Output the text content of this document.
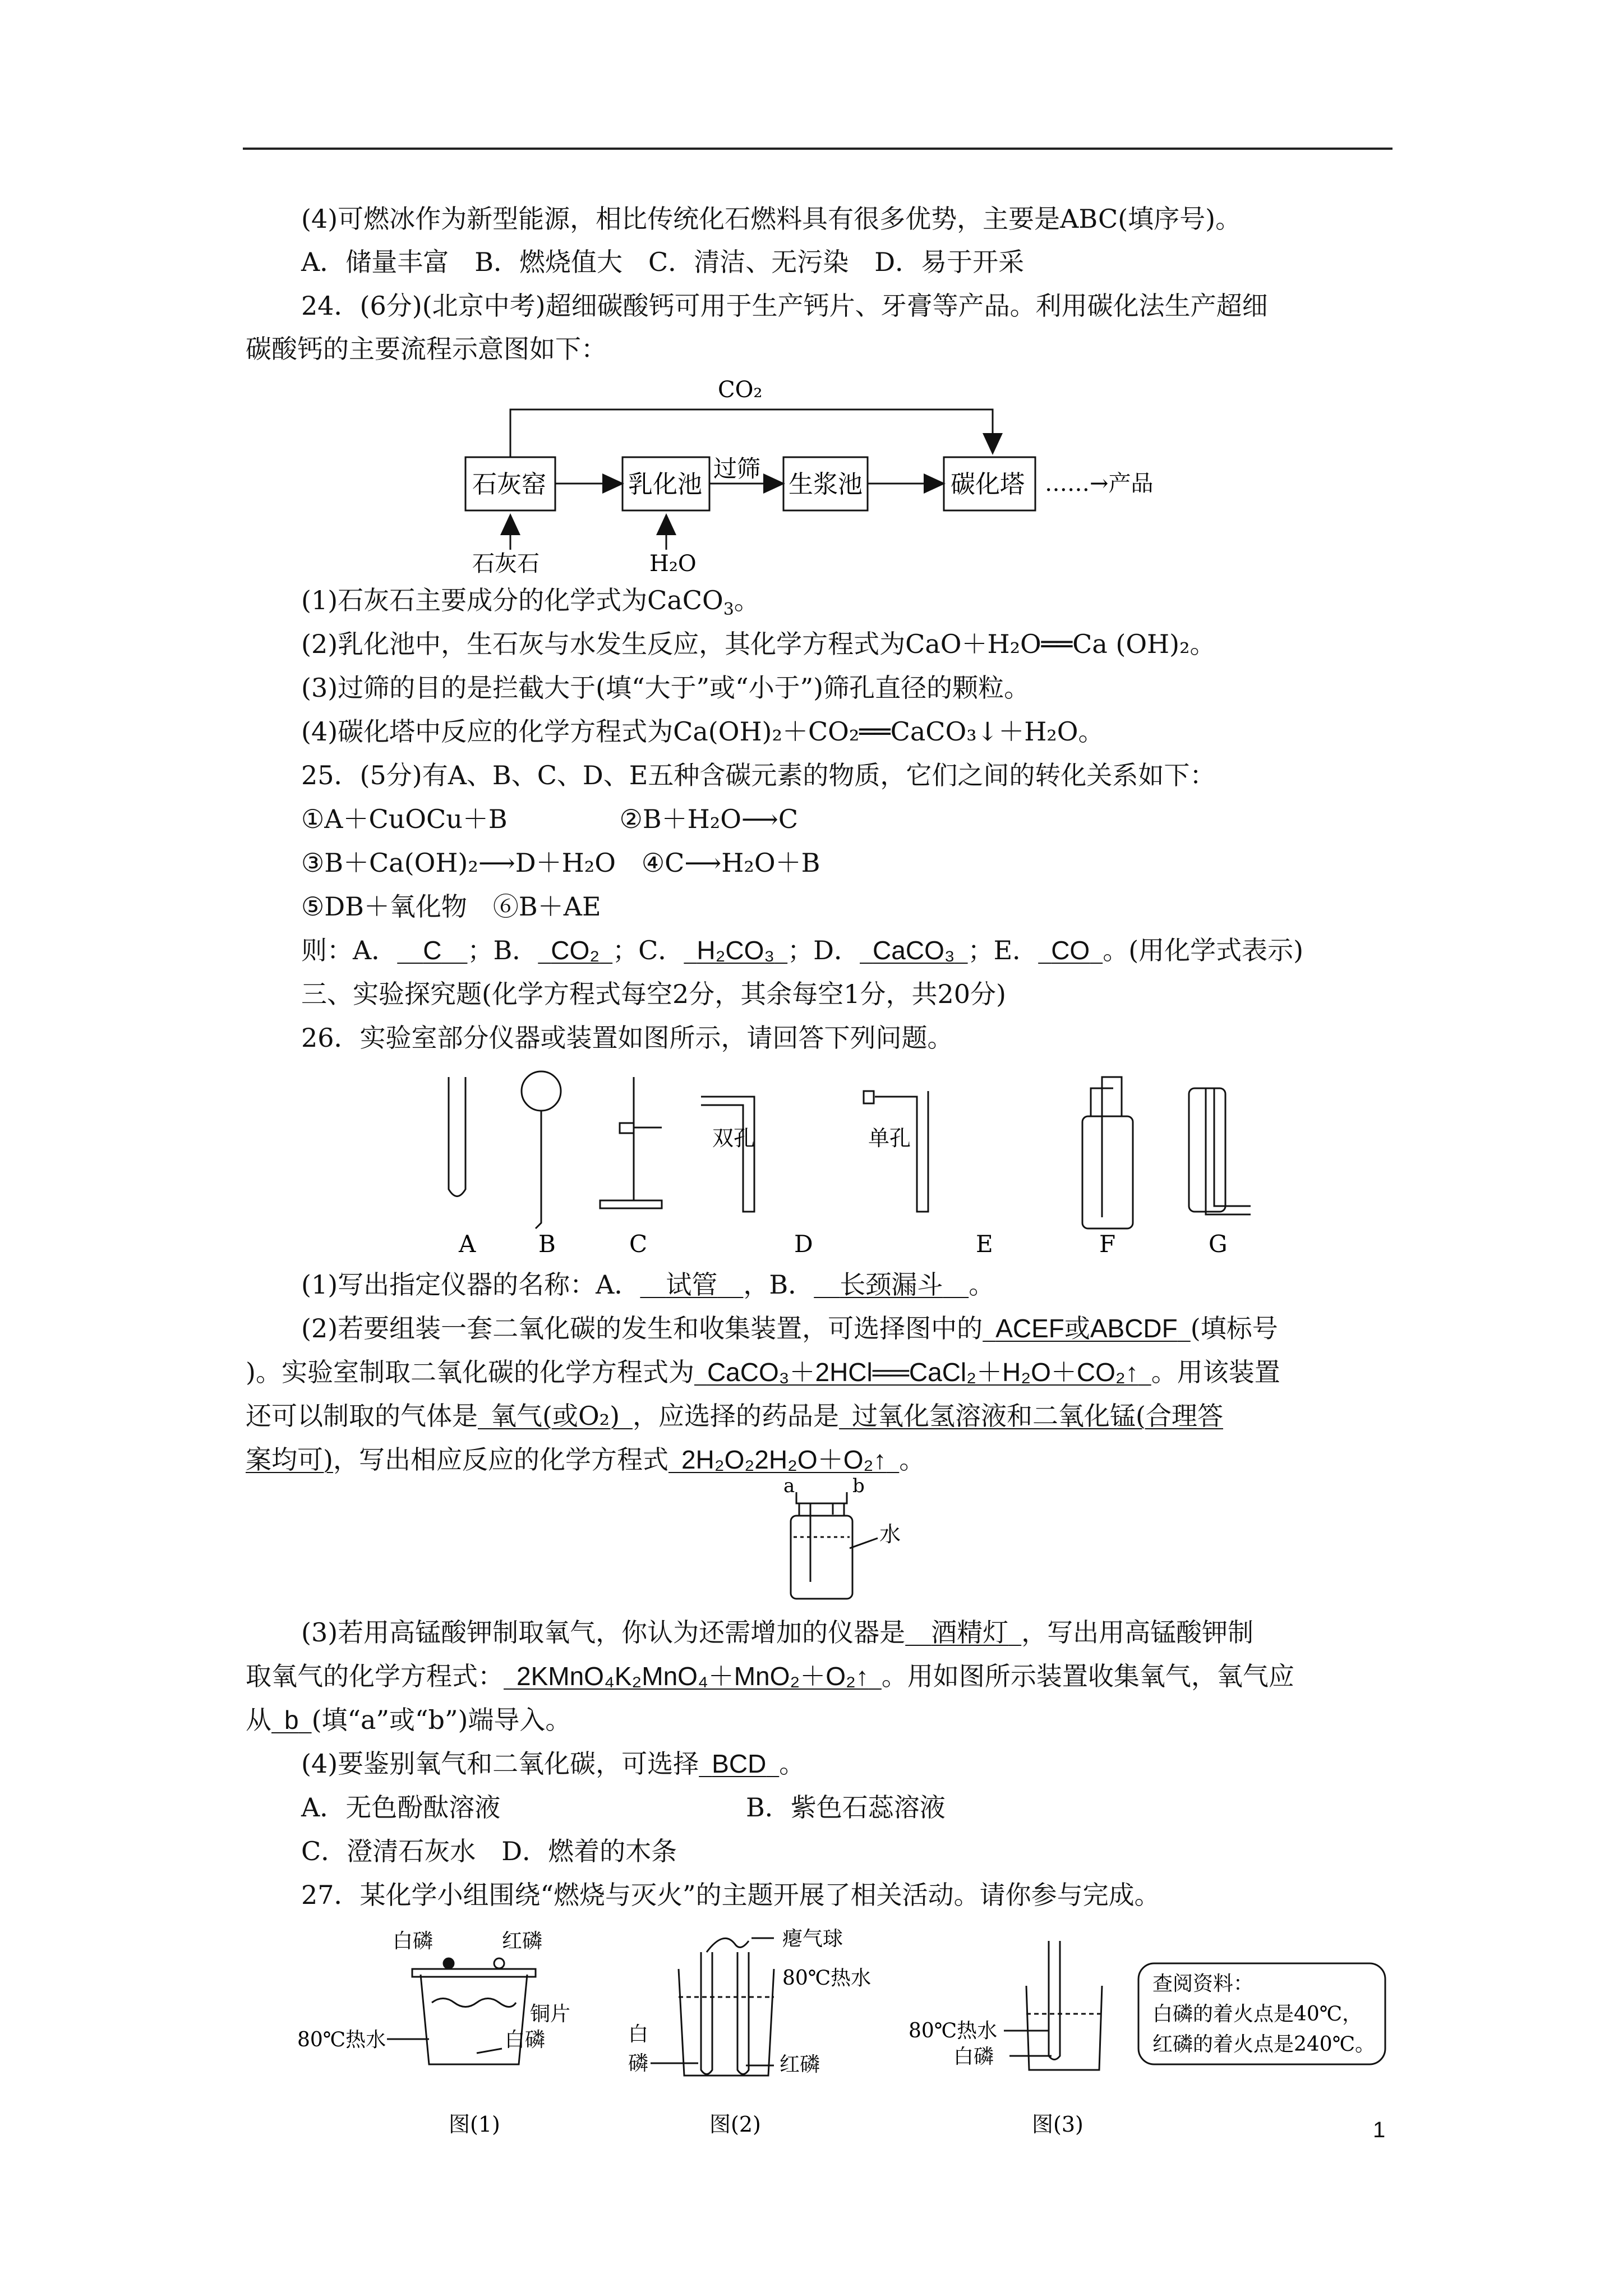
(4)可燃冰作为新型能源，相比传统化石燃料具有很多优势，主要是ABC(填序号)。
A．储量丰富　B．燃烧值大　C．清洁、无污染　D．易于开采
24．(6分)(北京中考)超细碳酸钙可用于生产钙片、牙膏等产品。利用碳化法生产超细
碳酸钙的主要流程示意图如下：
CO₂
石灰窑	乳化池
过筛
生浆池	碳化塔 ……→产品
石灰石	H₂O
(1)石灰石主要成分的化学式为CaCO$_3$。
(2)乳化池中，生石灰与水发生反应，其化学方程式为CaO＋H₂O══Ca (OH)₂。
(3)过筛的目的是拦截大于(填“大于”或“小于”)筛孔直径的颗粒。
(4)碳化塔中反应的化学方程式为Ca(OH)₂＋CO₂══CaCO₃↓＋H₂O。
25．(5分)有A、B、C、D、E五种含碳元素的物质，它们之间的转化关系如下：
①A＋CuOCu＋B	②B＋H₂O⟶C
③B＋Ca(OH)₂⟶D＋H₂O　④C⟶H₂O＋B
⑤DB＋氧化物　⑥B＋AE
则：A．  C  ；B．  CO₂  ；C．  H₂CO₃  ；D．  CaCO₃  ；E．  CO  。(用化学式表示)
三、实验探究题(化学方程式每空2分，其余每空1分，共20分)
26．实验室部分仪器或装置如图所示，请回答下列问题。
双孔	单孔
A	B	C	D	E	F	G
(1)写出指定仪器的名称：A．  试管  ，B．  长颈漏斗  。
(2)若要组装一套二氧化碳的发生和收集装置，可选择图中的  ACEF或ABCDF  (填标号
)。实验室制取二氧化碳的化学方程式为  CaCO₃＋2HCl══CaCl₂＋H₂O＋CO₂↑  。用该装置
还可以制取的气体是  氧气(或O₂)  ，应选择的药品是  过氧化氢溶液和二氧化锰(合理答
案均可)，写出相应反应的化学方程式  2H₂O₂2H₂O＋O₂↑  。
a	b
水
(3)若用高锰酸钾制取氧气，你认为还需增加的仪器是  酒精灯  ，写出用高锰酸钾制
取氧气的化学方程式：  2KMnO₄K₂MnO₄＋MnO₂＋O₂↑  。用如图所示装置收集氧气，氧气应
从  b  (填“a”或“b”)端导入。
(4)要鉴别氧气和二氧化碳，可选择  BCD  。
A．无色酚酞溶液	B．紫色石蕊溶液
C．澄清石灰水　D．燃着的木条
27．某化学小组围绕“燃烧与灭火”的主题开展了相关活动。请你参与完成。
白磷	红磷
铜片
80℃热水	白磷
图(1)
瘪气球
80℃热水
白
磷	红磷
图(2)
80℃热水
白磷
图(3)
查阅资料：
白磷的着火点是40℃，
红磷的着火点是240℃。
1
